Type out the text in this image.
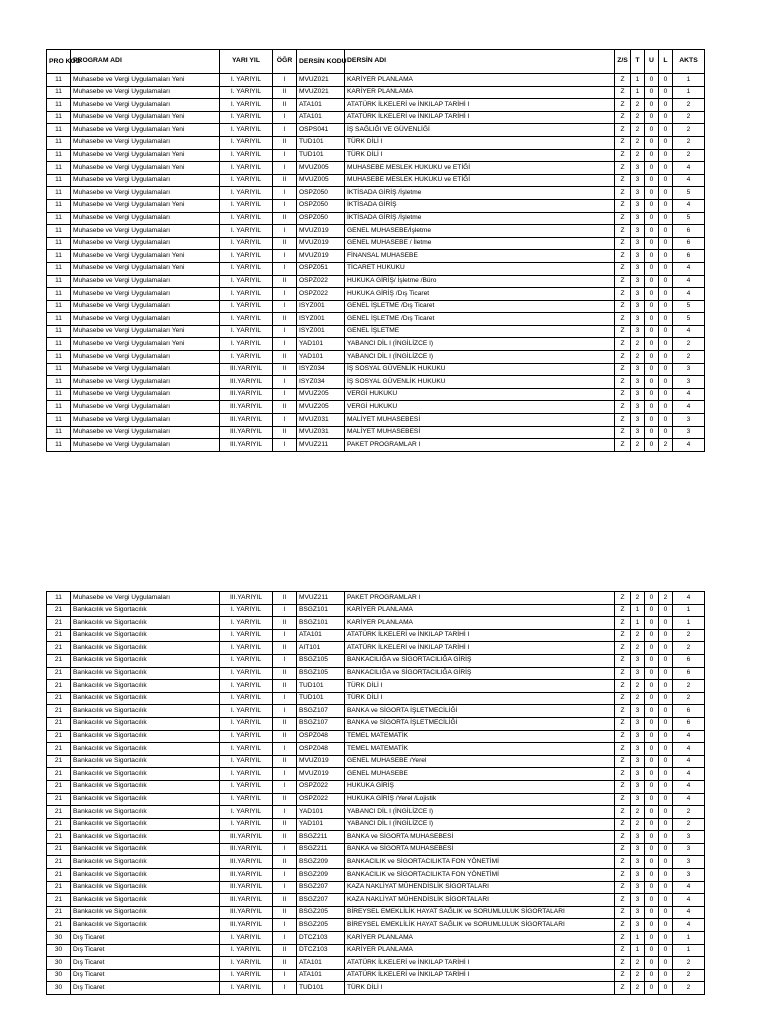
PRO KOD	PROGRAM ADI	YARI YIL	ÖĞR	DERSİN KODU	DERSİN ADI	Z/S	T	U	L	AKTS
11	Muhasebe ve Vergi Uygulamaları Yeni	I. YARIYIL	I	MVUZ021	KARİYER PLANLAMA	Z	1	0	0	1
11	Muhasebe ve Vergi Uygulamaları	I. YARIYIL	II	MVUZ021	KARİYER PLANLAMA	Z	1	0	0	1
11	Muhasebe ve Vergi Uygulamaları	I. YARIYIL	II	ATA101	ATATÜRK İLKELERİ ve İNKILAP TARİHİ I	Z	2	0	0	2
11	Muhasebe ve Vergi Uygulamaları Yeni	I. YARIYIL	I	ATA101	ATATÜRK İLKELERİ ve İNKILAP TARİHİ I	Z	2	0	0	2
11	Muhasebe ve Vergi Uygulamaları Yeni	I. YARIYIL	I	OSPS041	İŞ SAĞLIĞI VE GÜVENLİĞİ	Z	2	0	0	2
11	Muhasebe ve Vergi Uygulamaları	I. YARIYIL	II	TUD101	TÜRK DİLİ I	Z	2	0	0	2
11	Muhasebe ve Vergi Uygulamaları Yeni	I. YARIYIL	I	TUD101	TÜRK DİLİ I	Z	2	0	0	2
11	Muhasebe ve Vergi Uygulamaları Yeni	I. YARIYIL	I	MVUZ005	MUHASEBE MESLEK HUKUKU ve ETİĞİ	Z	3	0	0	4
11	Muhasebe ve Vergi Uygulamaları	I. YARIYIL	II	MVUZ005	MUHASEBE MESLEK HUKUKU ve ETİĞİ	Z	3	0	0	4
11	Muhasebe ve Vergi Uygulamaları	I. YARIYIL	I	OSPZ050	İKTİSADA GİRİŞ /İşletme	Z	3	0	0	5
11	Muhasebe ve Vergi Uygulamaları Yeni	I. YARIYIL	I	OSPZ050	İKTİSADA GİRİŞ	Z	3	0	0	4
11	Muhasebe ve Vergi Uygulamaları	I. YARIYIL	II	OSPZ050	İKTİSADA GİRİŞ /İşletme	Z	3	0	0	5
11	Muhasebe ve Vergi Uygulamaları	I. YARIYIL	I	MVUZ019	GENEL MUHASEBE/İşletme	Z	3	0	0	6
11	Muhasebe ve Vergi Uygulamaları	I. YARIYIL	II	MVUZ019	GENEL MUHASEBE / İletme	Z	3	0	0	6
11	Muhasebe ve Vergi Uygulamaları Yeni	I. YARIYIL	I	MVUZ019	FİNANSAL MUHASEBE	Z	3	0	0	6
11	Muhasebe ve Vergi Uygulamaları Yeni	I. YARIYIL	I	OSPZ051	TİCARET HUKUKU	Z	3	0	0	4
11	Muhasebe ve Vergi Uygulamaları	I. YARIYIL	II	OSPZ022	HUKUKA GİRİŞ/ İşletme /Büro	Z	3	0	0	4
11	Muhasebe ve Vergi Uygulamaları	I. YARIYIL	I	OSPZ022	HUKUKA GİRİŞ /Dış Ticaret	Z	3	0	0	4
11	Muhasebe ve Vergi Uygulamaları	I. YARIYIL	I	ISYZ001	GENEL İŞLETME /Dış Ticaret	Z	3	0	0	5
11	Muhasebe ve Vergi Uygulamaları	I. YARIYIL	II	ISYZ001	GENEL İŞLETME /Dış Ticaret	Z	3	0	0	5
11	Muhasebe ve Vergi Uygulamaları Yeni	I. YARIYIL	I	ISYZ001	GENEL İŞLETME	Z	3	0	0	4
11	Muhasebe ve Vergi Uygulamaları Yeni	I. YARIYIL	I	YAD101	YABANCI DİL I (İNGİLİZCE I)	Z	2	0	0	2
11	Muhasebe ve Vergi Uygulamaları	I. YARIYIL	II	YAD101	YABANCI DİL I (İNGİLİZCE I)	Z	2	0	0	2
11	Muhasebe ve Vergi Uygulamaları	III.YARIYIL	II	ISYZ034	İŞ SOSYAL GÜVENLİK HUKUKU	Z	3	0	0	3
11	Muhasebe ve Vergi Uygulamaları	III.YARIYIL	I	ISYZ034	İŞ SOSYAL GÜVENLİK HUKUKU	Z	3	0	0	3
11	Muhasebe ve Vergi Uygulamaları	III.YARIYIL	I	MVUZ205	VERGİ HUKUKU	Z	3	0	0	4
11	Muhasebe ve Vergi Uygulamaları	III.YARIYIL	II	MVUZ205	VERGİ HUKUKU	Z	3	0	0	4
11	Muhasebe ve Vergi Uygulamaları	III.YARIYIL	I	MVUZ031	MALİYET MUHASEBESİ	Z	3	0	0	3
11	Muhasebe ve Vergi Uygulamaları	III.YARIYIL	II	MVUZ031	MALİYET MUHASEBESİ	Z	3	0	0	3
11	Muhasebe ve Vergi Uygulamaları	III.YARIYIL	I	MVUZ211	PAKET PROGRAMLAR I	Z	2	0	2	4
11	Muhasebe ve Vergi Uygulamaları	III.YARIYIL	II	MVUZ211	PAKET PROGRAMLAR I	Z	2	0	2	4
21	Bankacılık ve Sigortacılık	I. YARIYIL	I	BSGZ101	KARİYER PLANLAMA	Z	1	0	0	1
21	Bankacılık ve Sigortacılık	I. YARIYIL	II	BSGZ101	KARİYER PLANLAMA	Z	1	0	0	1
21	Bankacılık ve Sigortacılık	I. YARIYIL	I	ATA101	ATATÜRK İLKELERİ ve İNKILAP TARİHİ I	Z	2	0	0	2
21	Bankacılık ve Sigortacılık	I. YARIYIL	II	AIT101	ATATÜRK İLKELERİ ve İNKILAP TARİHİ I	Z	2	0	0	2
21	Bankacılık ve Sigortacılık	I. YARIYIL	I	BSGZ105	BANKACILIĞA ve SİGORTACILIĞA GİRİŞ	Z	3	0	0	6
21	Bankacılık ve Sigortacılık	I. YARIYIL	II	BSGZ105	BANKACILIĞA ve SİGORTACILIĞA GİRİŞ	Z	3	0	0	6
21	Bankacılık ve Sigortacılık	I. YARIYIL	II	TUD101	TÜRK DİLİ I	Z	2	0	0	2
21	Bankacılık ve Sigortacılık	I. YARIYIL	I	TUD101	TÜRK DİLİ I	Z	2	0	0	2
21	Bankacılık ve Sigortacılık	I. YARIYIL	I	BSGZ107	BANKA ve SİGORTA İŞLETMECİLİĞİ	Z	3	0	0	6
21	Bankacılık ve Sigortacılık	I. YARIYIL	II	BSGZ107	BANKA ve SİGORTA İŞLETMECİLİĞİ	Z	3	0	0	6
21	Bankacılık ve Sigortacılık	I. YARIYIL	II	OSPZ048	TEMEL MATEMATİK	Z	3	0	0	4
21	Bankacılık ve Sigortacılık	I. YARIYIL	I	OSPZ048	TEMEL MATEMATİK	Z	3	0	0	4
21	Bankacılık ve Sigortacılık	I. YARIYIL	II	MVUZ019	GENEL MUHASEBE /Yerel	Z	3	0	0	4
21	Bankacılık ve Sigortacılık	I. YARIYIL	I	MVUZ019	GENEL MUHASEBE	Z	3	0	0	4
21	Bankacılık ve Sigortacılık	I. YARIYIL	I	OSPZ022	HUKUKA GİRİŞ	Z	3	0	0	4
21	Bankacılık ve Sigortacılık	I. YARIYIL	II	OSPZ022	HUKUKA GİRİŞ /Yerel /Lojistik	Z	3	0	0	4
21	Bankacılık ve Sigortacılık	I. YARIYIL	I	YAD101	YABANCI DİL I (İNGİLİZCE I)	Z	2	0	0	2
21	Bankacılık ve Sigortacılık	I. YARIYIL	II	YAD101	YABANCI DİL I (İNGİLİZCE I)	Z	2	0	0	2
21	Bankacılık ve Sigortacılık	III.YARIYIL	II	BSGZ211	BANKA ve SİGORTA MUHASEBESİ	Z	3	0	0	3
21	Bankacılık ve Sigortacılık	III.YARIYIL	I	BSGZ211	BANKA ve SİGORTA MUHASEBESİ	Z	3	0	0	3
21	Bankacılık ve Sigortacılık	III.YARIYIL	II	BSGZ209	BANKACILIK ve SİGORTACILIKTA FON YÖNETİMİ	Z	3	0	0	3
21	Bankacılık ve Sigortacılık	III.YARIYIL	I	BSGZ209	BANKACILIK ve SİGORTACILIKTA FON YÖNETİMİ	Z	3	0	0	3
21	Bankacılık ve Sigortacılık	III.YARIYIL	I	BSGZ207	KAZA NAKLİYAT MÜHENDİSLİK SİGORTALARI	Z	3	0	0	4
21	Bankacılık ve Sigortacılık	III.YARIYIL	II	BSGZ207	KAZA NAKLİYAT MÜHENDİSLİK SİGORTALARI	Z	3	0	0	4
21	Bankacılık ve Sigortacılık	III.YARIYIL	II	BSGZ205	BİREYSEL EMEKLİLİK HAYAT SAĞLIK ve SORUMLULUK SİGORTALARI	Z	3	0	0	4
21	Bankacılık ve Sigortacılık	III.YARIYIL	I	BSGZ205	BİREYSEL EMEKLİLİK HAYAT SAĞLIK ve SORUMLULUK SİGORTALARI	Z	3	0	0	4
30	Dış Ticaret	I. YARIYIL	I	DTCZ103	KARİYER PLANLAMA	Z	1	0	0	1
30	Dış Ticaret	I. YARIYIL	II	DTCZ103	KARİYER PLANLAMA	Z	1	0	0	1
30	Dış Ticaret	I. YARIYIL	II	ATA101	ATATÜRK İLKELERİ ve İNKILAP TARİHİ I	Z	2	0	0	2
30	Dış Ticaret	I. YARIYIL	I	ATA101	ATATÜRK İLKELERİ ve İNKILAP TARİHİ I	Z	2	0	0	2
30	Dış Ticaret	I. YARIYIL	I	TUD101	TÜRK DİLİ I	Z	2	0	0	2
